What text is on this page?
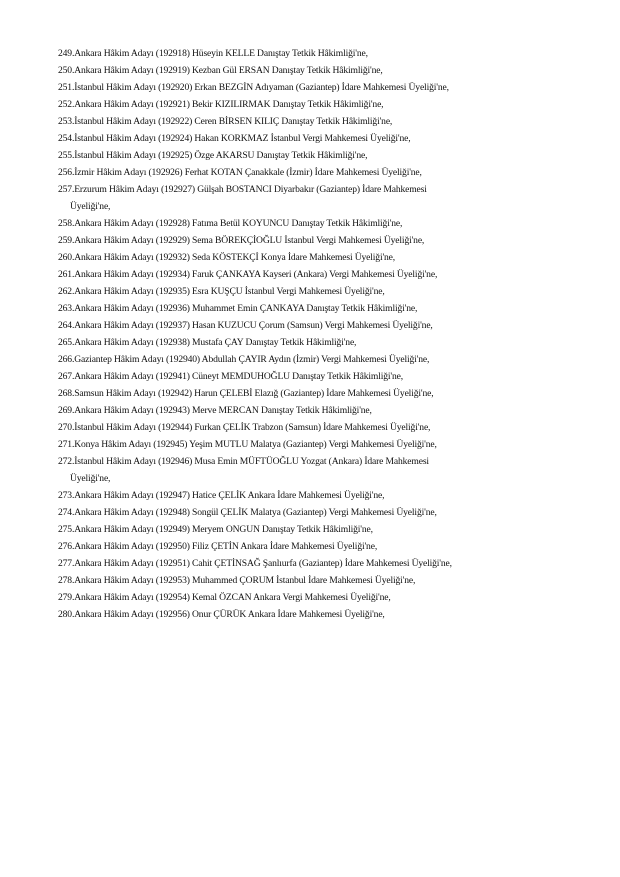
249.Ankara Hâkim Adayı (192918) Hüseyin KELLE Danıştay Tetkik Hâkimliği'ne,
250.Ankara Hâkim Adayı (192919) Kezban Gül ERSAN Danıştay Tetkik Hâkimliği'ne,
251.İstanbul Hâkim Adayı (192920) Erkan BEZGİN Adıyaman (Gaziantep) İdare Mahkemesi Üyeliği'ne,
252.Ankara Hâkim Adayı (192921) Bekir KIZILIRMAK Danıştay Tetkik Hâkimliği'ne,
253.İstanbul Hâkim Adayı (192922) Ceren BİRSEN KILIÇ Danıştay Tetkik Hâkimliği'ne,
254.İstanbul Hâkim Adayı (192924) Hakan KORKMAZ İstanbul Vergi Mahkemesi Üyeliği'ne,
255.İstanbul Hâkim Adayı (192925) Özge AKARSU Danıştay Tetkik Hâkimliği'ne,
256.İzmir Hâkim Adayı (192926) Ferhat KOTAN Çanakkale (İzmir) İdare Mahkemesi Üyeliği'ne,
257.Erzurum Hâkim Adayı (192927) Gülşah BOSTANCI Diyarbakır (Gaziantep) İdare Mahkemesi
Üyeliği'ne,
258.Ankara Hâkim Adayı (192928) Fatıma Betül KOYUNCU Danıştay Tetkik Hâkimliği'ne,
259.Ankara Hâkim Adayı (192929) Sema BÖREKÇİOĞLU İstanbul Vergi Mahkemesi Üyeliği'ne,
260.Ankara Hâkim Adayı (192932) Seda KÖSTEKÇİ Konya İdare Mahkemesi Üyeliği'ne,
261.Ankara Hâkim Adayı (192934) Faruk ÇANKAYA Kayseri (Ankara) Vergi Mahkemesi Üyeliği'ne,
262.Ankara Hâkim Adayı (192935) Esra KUŞÇU İstanbul Vergi Mahkemesi Üyeliği'ne,
263.Ankara Hâkim Adayı (192936) Muhammet Emin ÇANKAYA Danıştay Tetkik Hâkimliği'ne,
264.Ankara Hâkim Adayı (192937) Hasan KUZUCU Çorum (Samsun) Vergi Mahkemesi Üyeliği'ne,
265.Ankara Hâkim Adayı (192938) Mustafa ÇAY Danıştay Tetkik Hâkimliği'ne,
266.Gaziantep Hâkim Adayı (192940) Abdullah ÇAYIR Aydın (İzmir) Vergi Mahkemesi Üyeliği'ne,
267.Ankara Hâkim Adayı (192941) Cüneyt MEMDUHOĞLU Danıştay Tetkik Hâkimliği'ne,
268.Samsun Hâkim Adayı (192942) Harun ÇELEBİ Elazığ (Gaziantep) İdare Mahkemesi Üyeliği'ne,
269.Ankara Hâkim Adayı (192943) Merve MERCAN Danıştay Tetkik Hâkimliği'ne,
270.İstanbul Hâkim Adayı (192944) Furkan ÇELİK Trabzon (Samsun) İdare Mahkemesi Üyeliği'ne,
271.Konya Hâkim Adayı (192945) Yeşim MUTLU Malatya (Gaziantep) Vergi Mahkemesi Üyeliği'ne,
272.İstanbul Hâkim Adayı (192946) Musa Emin MÜFTÜOĞLU Yozgat (Ankara) İdare Mahkemesi
Üyeliği'ne,
273.Ankara Hâkim Adayı (192947) Hatice ÇELİK Ankara İdare Mahkemesi Üyeliği'ne,
274.Ankara Hâkim Adayı (192948) Songül ÇELİK Malatya (Gaziantep) Vergi Mahkemesi Üyeliği'ne,
275.Ankara Hâkim Adayı (192949) Meryem ONGUN Danıştay Tetkik Hâkimliği'ne,
276.Ankara Hâkim Adayı (192950) Filiz ÇETİN Ankara İdare Mahkemesi Üyeliği'ne,
277.Ankara Hâkim Adayı (192951) Cahit ÇETİNSAĞ Şanlıurfa (Gaziantep) İdare Mahkemesi Üyeliği'ne,
278.Ankara Hâkim Adayı (192953) Muhammed ÇORUM İstanbul İdare Mahkemesi Üyeliği'ne,
279.Ankara Hâkim Adayı (192954) Kemal ÖZCAN Ankara Vergi Mahkemesi Üyeliği'ne,
280.Ankara Hâkim Adayı (192956) Onur ÇÜRÜK Ankara İdare Mahkemesi Üyeliği'ne,
